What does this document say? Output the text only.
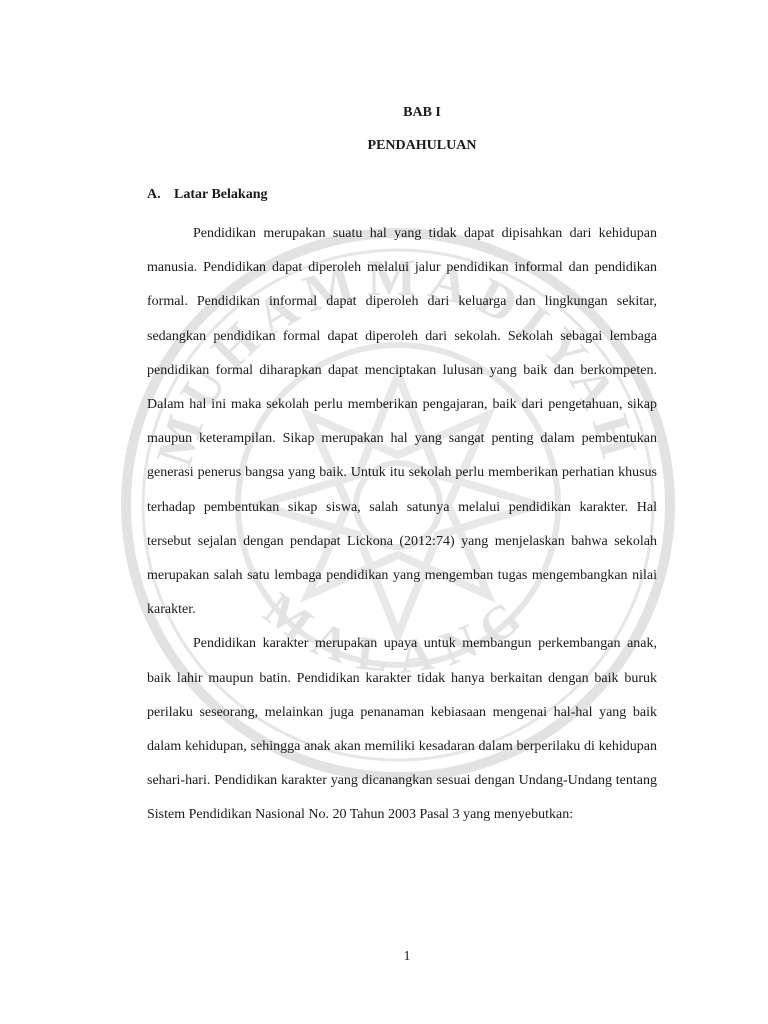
MUHAMMADIYAH
MALANG
BAB I
PENDAHULUAN
A. Latar Belakang

Pendidikan merupakan suatu hal yang tidak dapat dipisahkan dari kehidupan manusia. Pendidikan dapat diperoleh melalui jalur pendidikan informal dan pendidikan formal. Pendidikan informal dapat diperoleh dari keluarga dan lingkungan sekitar, sedangkan pendidikan formal dapat diperoleh dari sekolah. Sekolah sebagai lembaga pendidikan formal diharapkan dapat menciptakan lulusan yang baik dan berkompeten. Dalam hal ini maka sekolah perlu memberikan pengajaran, baik dari pengetahuan, sikap maupun keterampilan. Sikap merupakan hal yang sangat penting dalam pembentukan generasi penerus bangsa yang baik. Untuk itu sekolah perlu memberikan perhatian khusus terhadap pembentukan sikap siswa, salah satunya melalui pendidikan karakter. Hal tersebut sejalan dengan pendapat Lickona (2012:74) yang menjelaskan bahwa sekolah merupakan salah satu lembaga pendidikan yang mengemban tugas mengembangkan nilai karakter.

Pendidikan karakter merupakan upaya untuk membangun perkembangan anak, baik lahir maupun batin. Pendidikan karakter tidak hanya berkaitan dengan baik buruk perilaku seseorang, melainkan juga penanaman kebiasaan mengenai hal-hal yang baik dalam kehidupan, sehingga anak akan memiliki kesadaran dalam berperilaku di kehidupan sehari-hari. Pendidikan karakter yang dicanangkan sesuai dengan Undang-Undang tentang Sistem Pendidikan Nasional No. 20 Tahun 2003 Pasal 3 yang menyebutkan:

1
